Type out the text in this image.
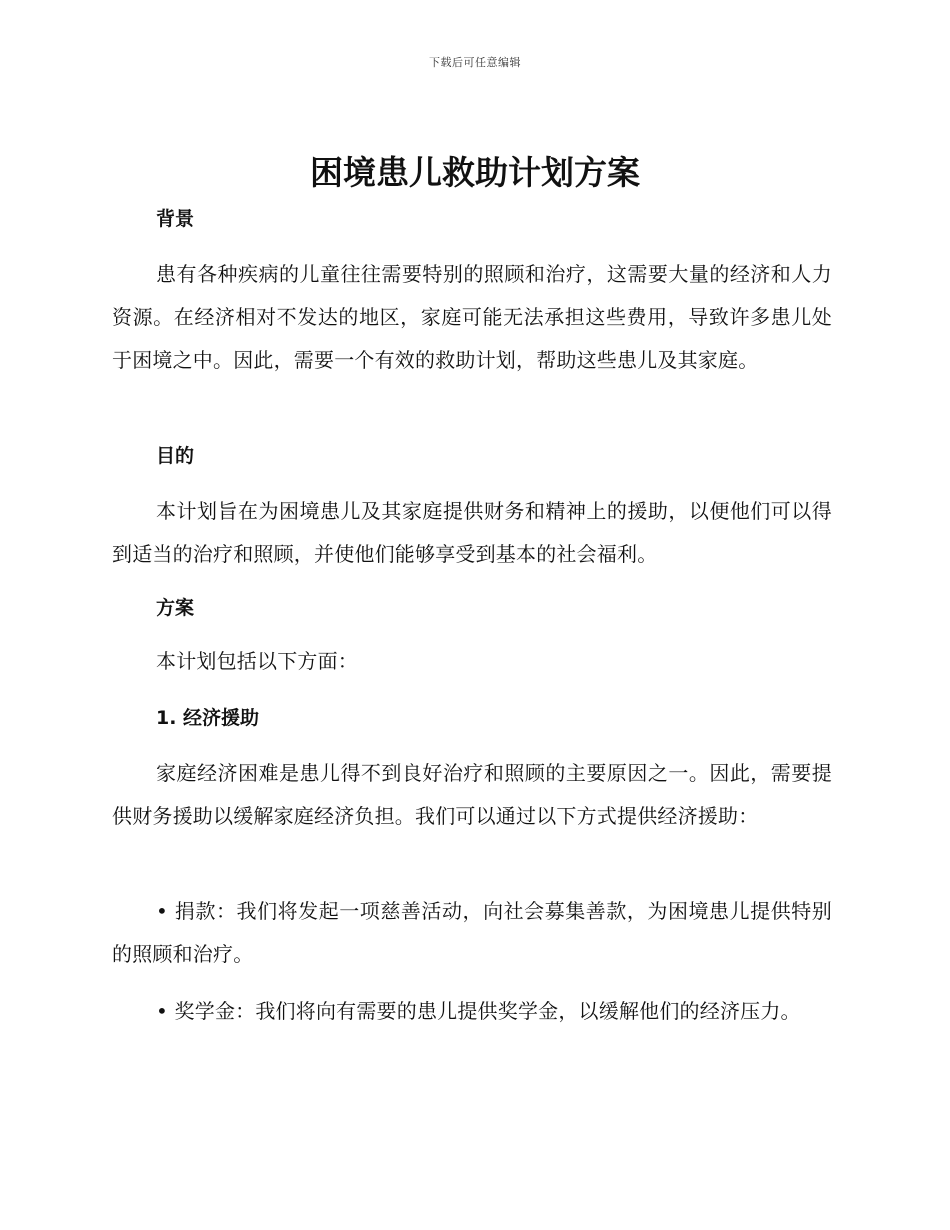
下载后可任意编辑
困境患儿救助计划方案
背景

患有各种疾病的儿童往往需要特别的照顾和治疗，这需要大量的经济和人力资源。在经济相对不发达的地区，家庭可能无法承担这些费用，导致许多患儿处于困境之中。因此，需要一个有效的救助计划，帮助这些患儿及其家庭。

目的

本计划旨在为困境患儿及其家庭提供财务和精神上的援助，以便他们可以得到适当的治疗和照顾，并使他们能够享受到基本的社会福利。

方案

本计划包括以下方面：

1. 经济援助

家庭经济困难是患儿得不到良好治疗和照顾的主要原因之一。因此，需要提供财务援助以缓解家庭经济负担。我们可以通过以下方式提供经济援助：

• 捐款：我们将发起一项慈善活动，向社会募集善款，为困境患儿提供特别的照顾和治疗。

• 奖学金：我们将向有需要的患儿提供奖学金，以缓解他们的经济压力。
